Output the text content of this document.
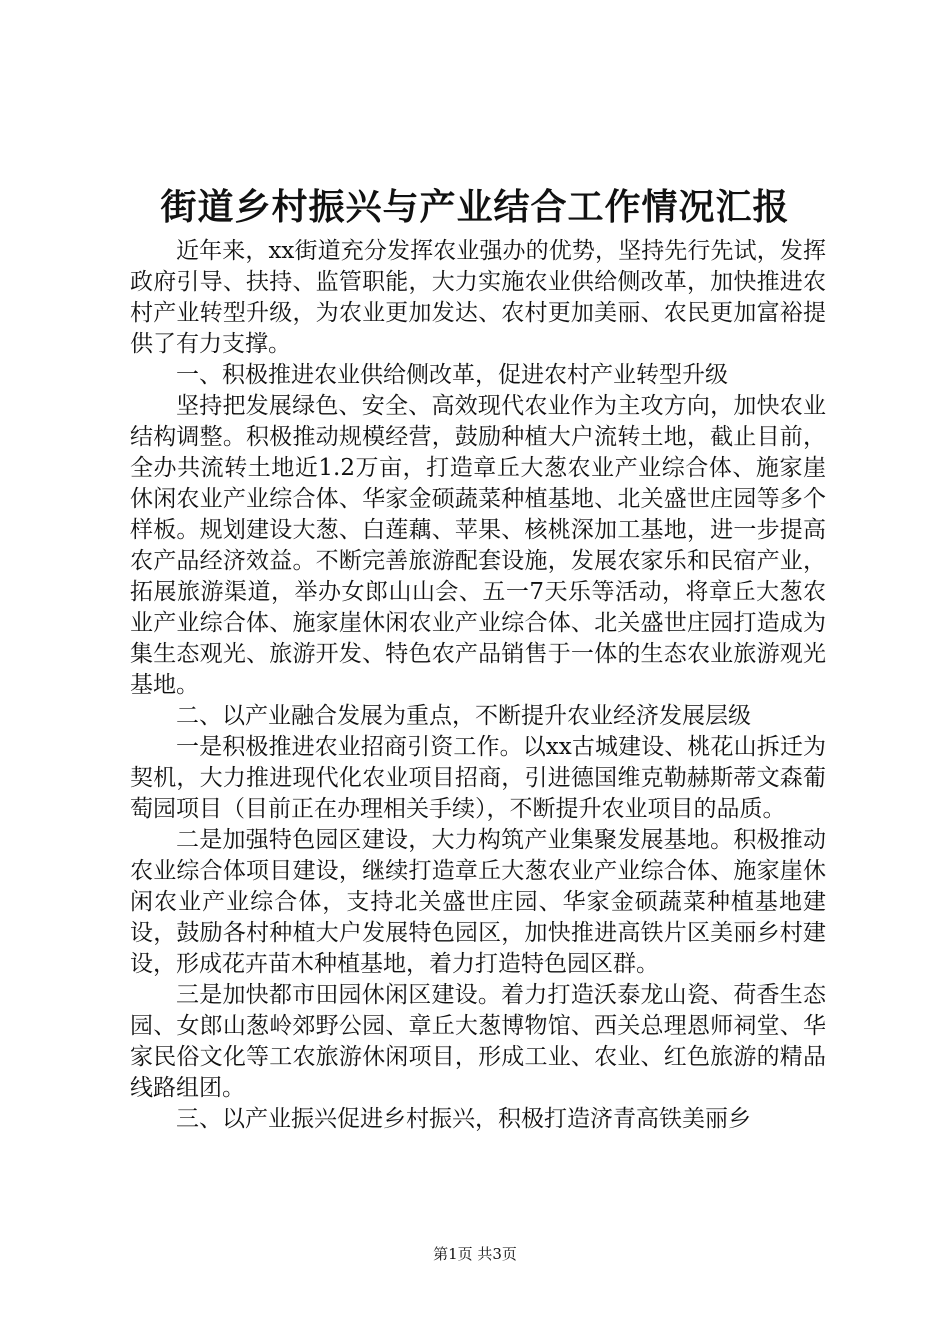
街道乡村振兴与产业结合工作情况汇报

近年来，xx街道充分发挥农业强办的优势，坚持先行先试，发挥政府引导、扶持、监管职能，大力实施农业供给侧改革，加快推进农村产业转型升级，为农业更加发达、农村更加美丽、农民更加富裕提供了有力支撑。

一、积极推进农业供给侧改革，促进农村产业转型升级

坚持把发展绿色、安全、高效现代农业作为主攻方向，加快农业结构调整。积极推动规模经营，鼓励种植大户流转土地，截止目前，全办共流转土地近1.2万亩，打造章丘大葱农业产业综合体、施家崖休闲农业产业综合体、华家金硕蔬菜种植基地、北关盛世庄园等多个样板。规划建设大葱、白莲藕、苹果、核桃深加工基地，进一步提高农产品经济效益。不断完善旅游配套设施，发展农家乐和民宿产业，拓展旅游渠道，举办女郎山山会、五一7天乐等活动，将章丘大葱农业产业综合体、施家崖休闲农业产业综合体、北关盛世庄园打造成为集生态观光、旅游开发、特色农产品销售于一体的生态农业旅游观光基地。

二、以产业融合发展为重点，不断提升农业经济发展层级

一是积极推进农业招商引资工作。以xx古城建设、桃花山拆迁为契机，大力推进现代化农业项目招商，引进德国维克勒赫斯蒂文森葡萄园项目（目前正在办理相关手续），不断提升农业项目的品质。

二是加强特色园区建设，大力构筑产业集聚发展基地。积极推动农业综合体项目建设，继续打造章丘大葱农业产业综合体、施家崖休闲农业产业综合体，支持北关盛世庄园、华家金硕蔬菜种植基地建设，鼓励各村种植大户发展特色园区，加快推进高铁片区美丽乡村建设，形成花卉苗木种植基地，着力打造特色园区群。

三是加快都市田园休闲区建设。着力打造沃泰龙山瓷、荷香生态园、女郎山葱岭郊野公园、章丘大葱博物馆、西关总理恩师祠堂、华家民俗文化等工农旅游休闲项目，形成工业、农业、红色旅游的精品线路组团。

三、以产业振兴促进乡村振兴，积极打造济青高铁美丽乡

第1页 共3页
